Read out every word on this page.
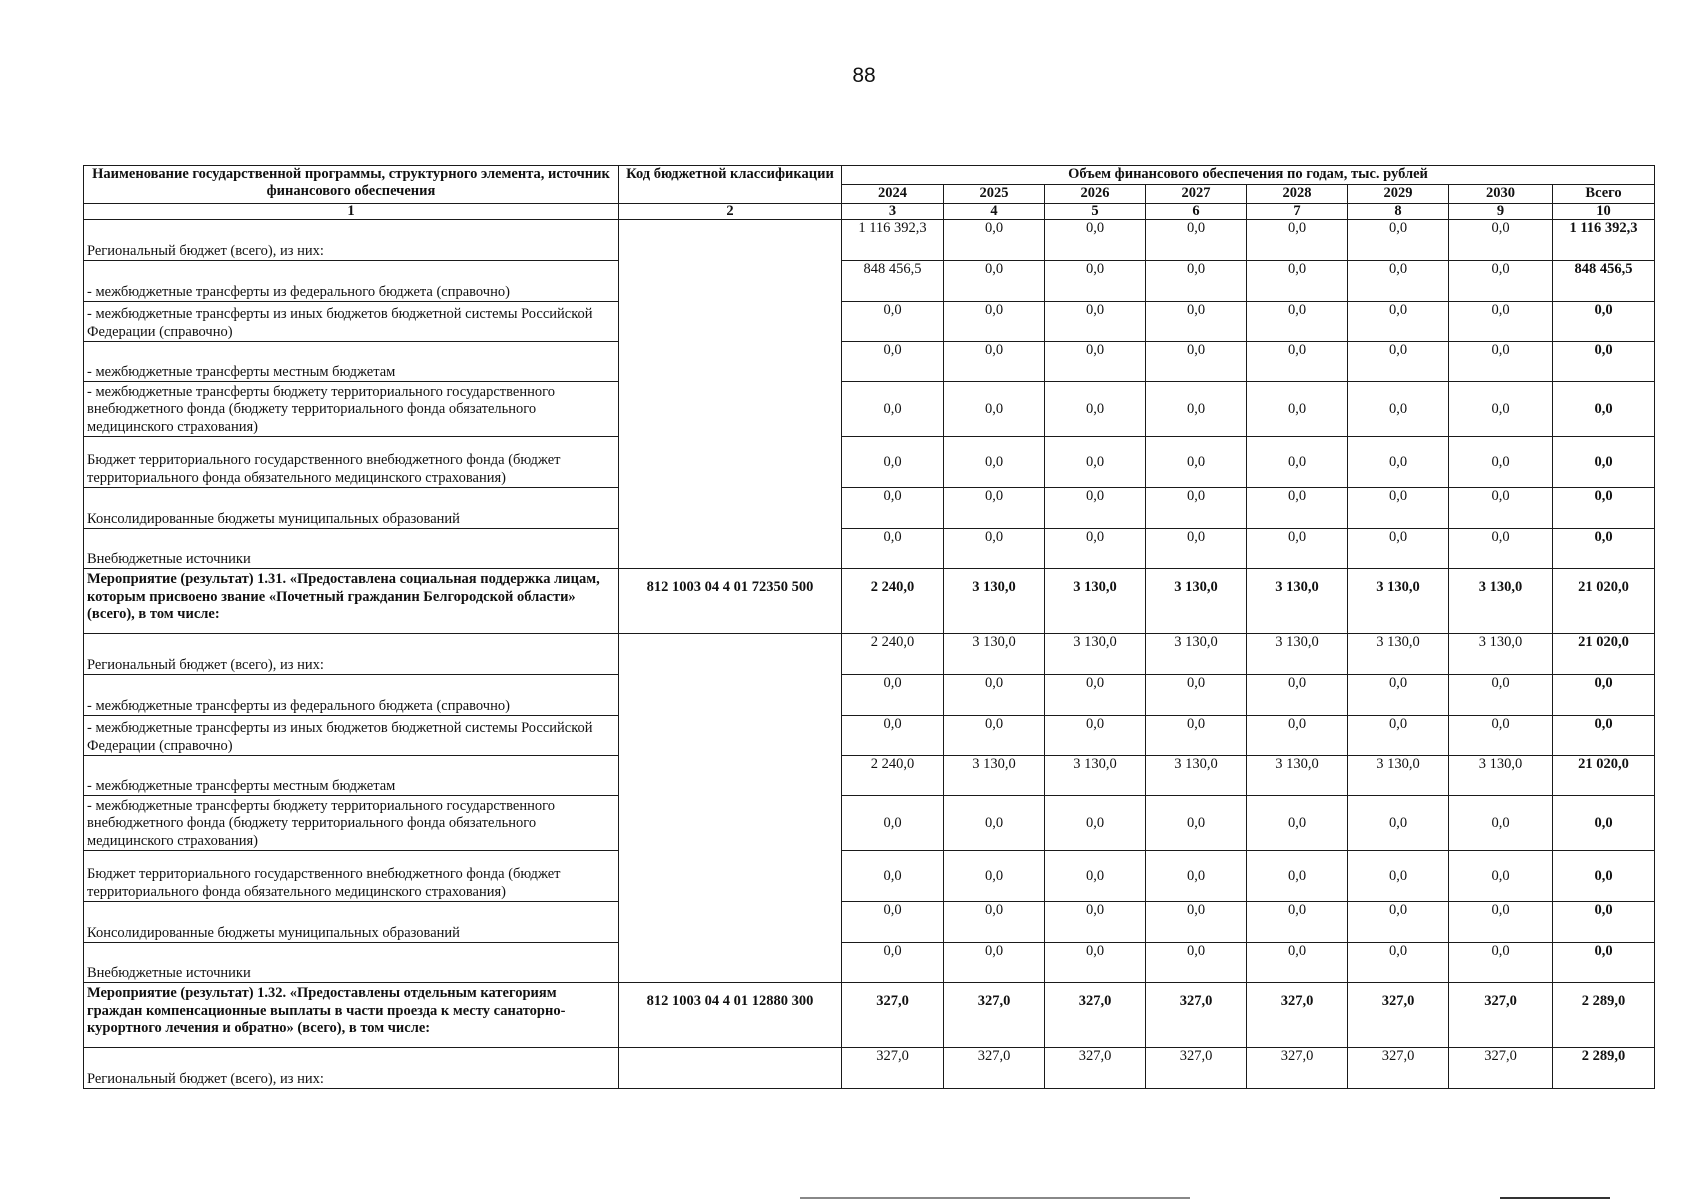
88
Наименование государственной программы, структурного элемента, источник финансового обеспечения	Код бюджетной классификации	Объем финансового обеспечения по годам, тыс. рублей							
		2024	2025	2026	2027	2028	2029	2030	Всего
1	2	3	4	5	6	7	8	9	10
Региональный бюджет (всего), из них:		1 116 392,3	0,0	0,0	0,0	0,0	0,0	0,0	1 116 392,3
- межбюджетные трансферты из федерального бюджета (справочно)		848 456,5	0,0	0,0	0,0	0,0	0,0	0,0	848 456,5
- межбюджетные трансферты из иных бюджетов бюджетной системы Российской Федерации (справочно)		0,0	0,0	0,0	0,0	0,0	0,0	0,0	0,0
- межбюджетные трансферты местным бюджетам		0,0	0,0	0,0	0,0	0,0	0,0	0,0	0,0
- межбюджетные трансферты бюджету территориального государственного внебюджетного фонда (бюджету территориального фонда обязательного медицинского страхования)		0,0	0,0	0,0	0,0	0,0	0,0	0,0	0,0
Бюджет территориального государственного внебюджетного фонда (бюджет территориального фонда обязательного медицинского страхования)		0,0	0,0	0,0	0,0	0,0	0,0	0,0	0,0
Консолидированные бюджеты муниципальных образований		0,0	0,0	0,0	0,0	0,0	0,0	0,0	0,0
Внебюджетные источники		0,0	0,0	0,0	0,0	0,0	0,0	0,0	0,0
Мероприятие (результат) 1.31. «Предоставлена социальная поддержка лицам, которым присвоено звание «Почетный гражданин Белгородской области» (всего), в том числе:	812 1003 04 4 01 72350 500	2 240,0	3 130,0	3 130,0	3 130,0	3 130,0	3 130,0	3 130,0	21 020,0
Региональный бюджет (всего), из них:		2 240,0	3 130,0	3 130,0	3 130,0	3 130,0	3 130,0	3 130,0	21 020,0
- межбюджетные трансферты из федерального бюджета (справочно)		0,0	0,0	0,0	0,0	0,0	0,0	0,0	0,0
- межбюджетные трансферты из иных бюджетов бюджетной системы Российской Федерации (справочно)		0,0	0,0	0,0	0,0	0,0	0,0	0,0	0,0
- межбюджетные трансферты местным бюджетам		2 240,0	3 130,0	3 130,0	3 130,0	3 130,0	3 130,0	3 130,0	21 020,0
- межбюджетные трансферты бюджету территориального государственного внебюджетного фонда (бюджету территориального фонда обязательного медицинского страхования)		0,0	0,0	0,0	0,0	0,0	0,0	0,0	0,0
Бюджет территориального государственного внебюджетного фонда (бюджет территориального фонда обязательного медицинского страхования)		0,0	0,0	0,0	0,0	0,0	0,0	0,0	0,0
Консолидированные бюджеты муниципальных образований		0,0	0,0	0,0	0,0	0,0	0,0	0,0	0,0
Внебюджетные источники		0,0	0,0	0,0	0,0	0,0	0,0	0,0	0,0
Мероприятие (результат) 1.32. «Предоставлены отдельным категориям граждан компенсационные выплаты в части проезда к месту санаторно-курортного лечения и обратно» (всего), в том числе:	812 1003 04 4 01 12880 300	327,0	327,0	327,0	327,0	327,0	327,0	327,0	2 289,0
Региональный бюджет (всего), из них:		327,0	327,0	327,0	327,0	327,0	327,0	327,0	2 289,0
